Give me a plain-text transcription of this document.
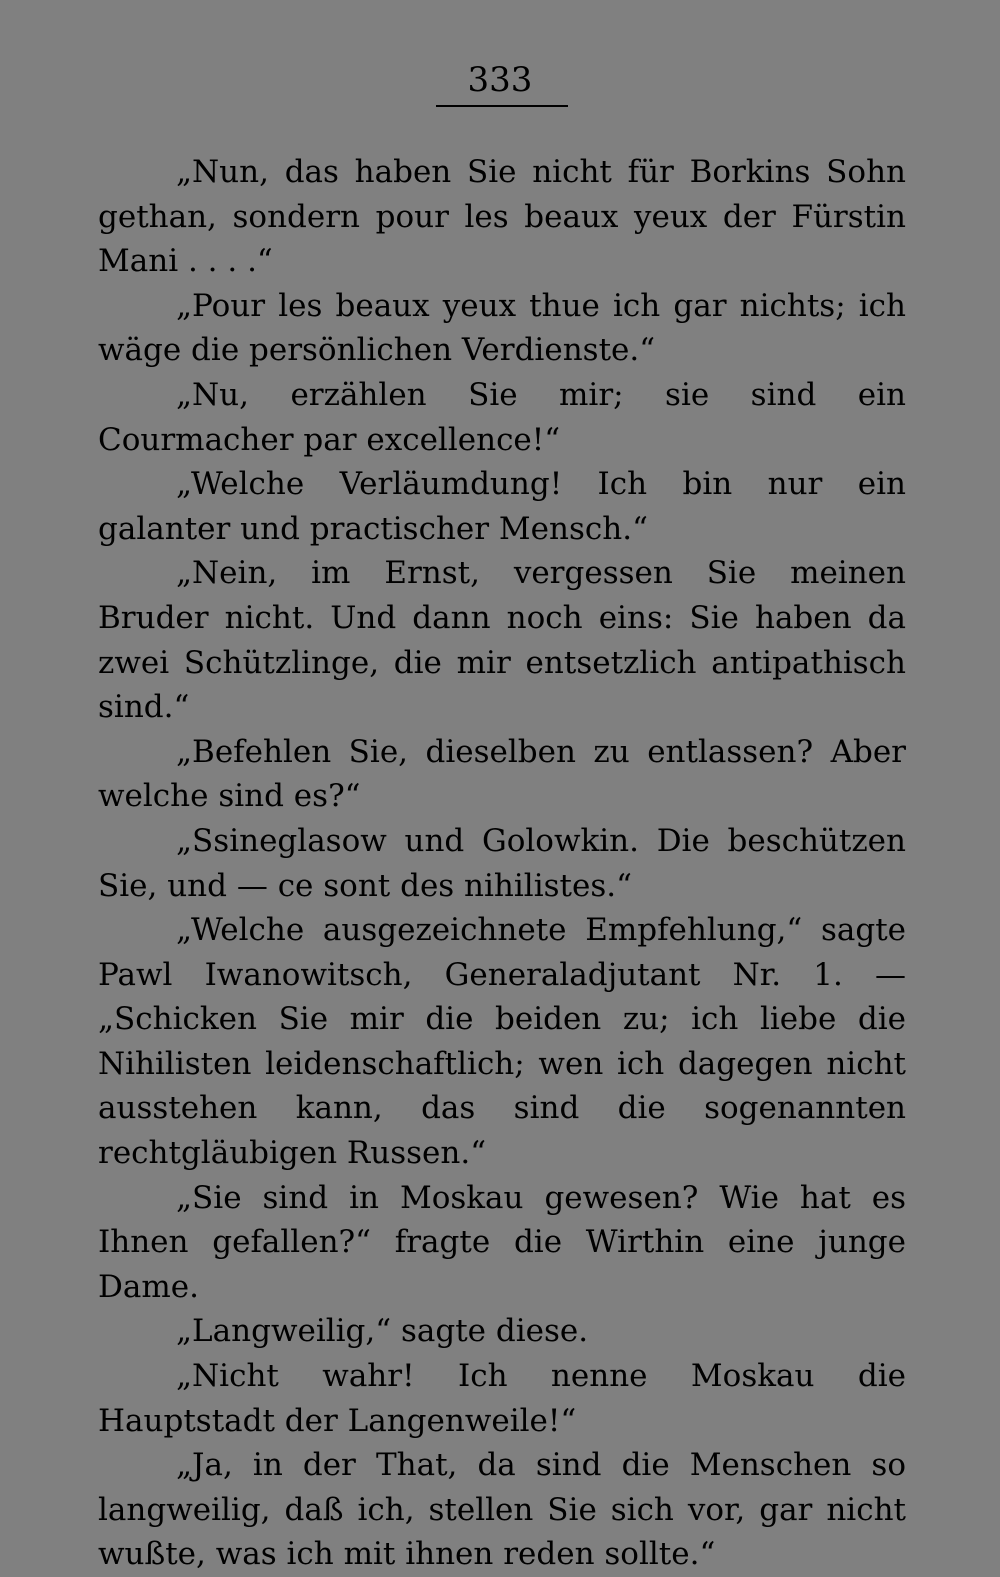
333

„Nun, das haben Sie nicht für Borkins Sohn gethan, sondern pour les beaux yeux der Fürstin Mani . . . .“

„Pour les beaux yeux thue ich gar nichts; ich wäge die persönlichen Verdienste.“

„Nu, erzählen Sie mir; sie sind ein Courmacher par excellence!“

„Welche Verläumdung! Ich bin nur ein galanter und practischer Mensch.“

„Nein, im Ernst, vergessen Sie meinen Bruder nicht. Und dann noch eins: Sie haben da zwei Schützlinge, die mir entsetzlich antipathisch sind.“

„Befehlen Sie, dieselben zu entlassen? Aber welche sind es?“

„Ssineglasow und Golowkin. Die beschützen Sie, und — ce sont des nihilistes.“

„Welche ausgezeichnete Empfehlung,“ sagte Pawl Iwanowitsch, Generaladjutant Nr. 1. — „Schicken Sie mir die beiden zu; ich liebe die Nihilisten leidenschaftlich; wen ich dagegen nicht ausstehen kann, das sind die sogenannten rechtgläubigen Russen.“

„Sie sind in Moskau gewesen? Wie hat es Ihnen gefallen?“ fragte die Wirthin eine junge Dame.

„Langweilig,“ sagte diese.

„Nicht wahr! Ich nenne Moskau die Hauptstadt der Langenweile!“

„Ja, in der That, da sind die Menschen so langweilig, daß ich, stellen Sie sich vor, gar nicht wußte, was ich mit ihnen reden sollte.“
